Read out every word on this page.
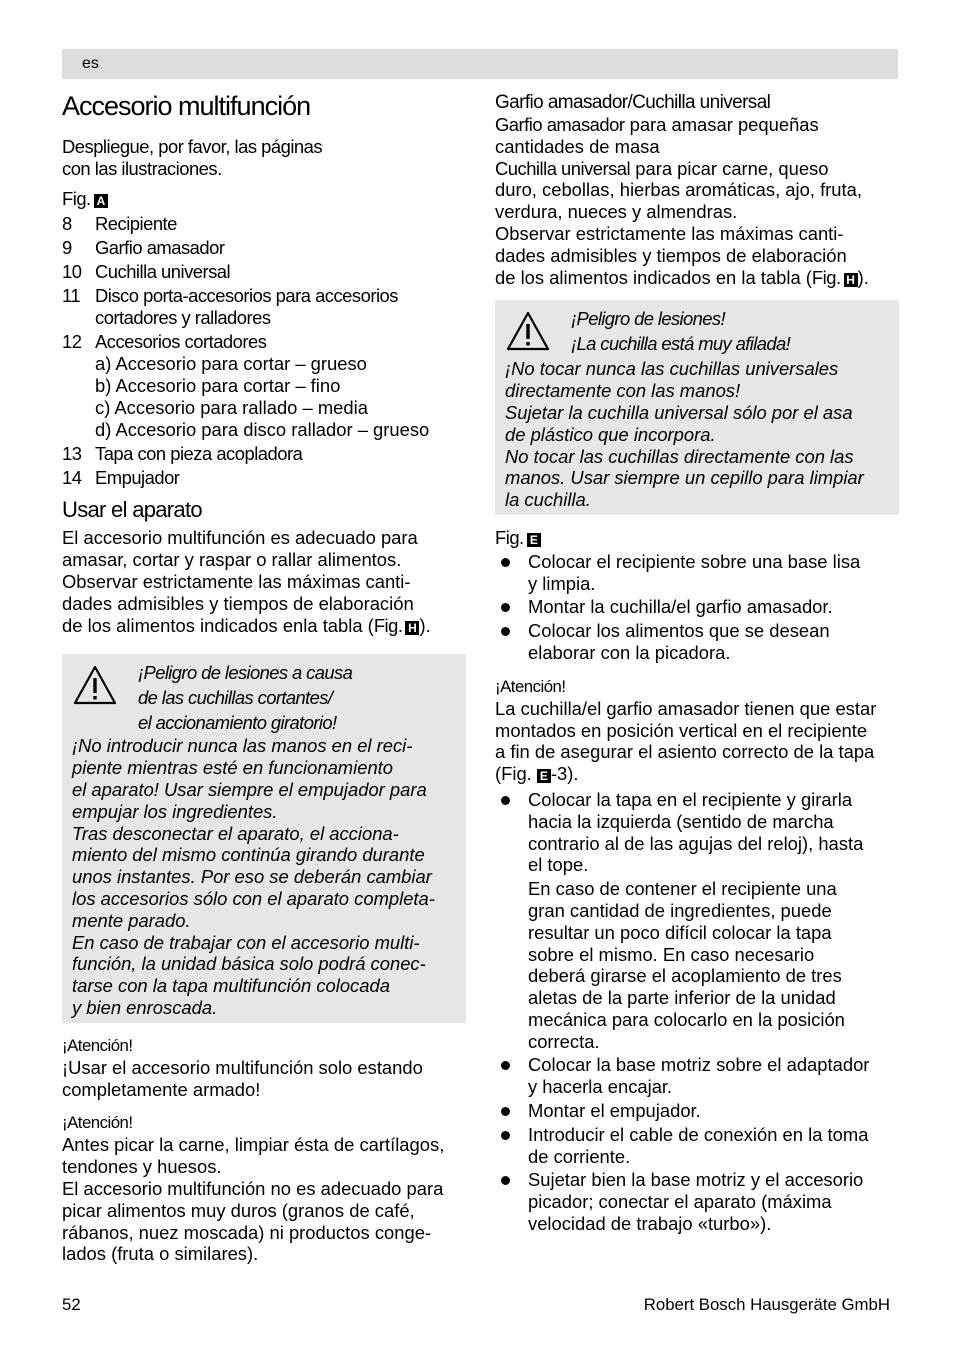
es
Accesorio multifunción

Despliegue, por favor, las páginas

con las ilustraciones.

Fig. A

8 Recipiente
9 Garfio amasador
10 Cuchilla universal
11 Disco porta-accesorios para accesorios cortadores y ralladores
12 Accesorios cortadores
a) Accesorio para cortar – grueso
b) Accesorio para cortar – fino
c) Accesorio para rallado – media
d) Accesorio para disco rallador – grueso
13 Tapa con pieza acopladora
14 Empujador
Usar el aparato

El accesorio multifunción es adecuado para

amasar, cortar y raspar o rallar alimentos.

Observar estrictamente las máximas canti-

dades admisibles y tiempos de elaboración

de los alimentos indicados enla tabla (Fig. H ).

¡Peligro de lesiones a causa
de las cuchillas cortantes/
el accionamiento giratorio!

¡No introducir nunca las manos en el reci-

piente mientras esté en funcionamiento

el aparato! Usar siempre el empujador para

empujar los ingredientes.

Tras desconectar el aparato, el acciona-

miento del mismo continúa girando durante

unos instantes. Por eso se deberán cambiar

los accesorios sólo con el aparato completa-

mente parado.

En caso de trabajar con el accesorio multi-

función, la unidad básica solo podrá conec-

tarse con la tapa multifunción colocada

y bien enroscada.

¡Atención!

¡Usar el accesorio multifunción solo estando

completamente armado!

¡Atención!

Antes picar la carne, limpiar ésta de cartílagos,

tendones y huesos.

El accesorio multifunción no es adecuado para

picar alimentos muy duros (granos de café,

rábanos, nuez moscada) ni productos conge-

lados (fruta o similares).

Garfio amasador/Cuchilla universal

Garfio amasador para amasar pequeñas

cantidades de masa

Cuchilla universal para picar carne, queso

duro, cebollas, hierbas aromáticas, ajo, fruta,

verdura, nueces y almendras.

Observar estrictamente las máximas canti-

dades admisibles y tiempos de elaboración

de los alimentos indicados en la tabla (Fig. H ).

¡Peligro de lesiones!
¡La cuchilla está muy afilada!

¡No tocar nunca las cuchillas universales

directamente con las manos!

Sujetar la cuchilla universal sólo por el asa

de plástico que incorpora.

No tocar las cuchillas directamente con las

manos. Usar siempre un cepillo para limpiar

la cuchilla.

Fig. E

Colocar el recipiente sobre una base lisa
y limpia.
Montar la cuchilla/el garfio amasador.
Colocar los alimentos que se desean
elaborar con la picadora.

¡Atención!

La cuchilla/el garfio amasador tienen que estar

montados en posición vertical en el recipiente

a fin de asegurar el asiento correcto de la tapa

(Fig. E -3).

Colocar la tapa en el recipiente y girarla
hacia la izquierda (sentido de marcha
contrario al de las agujas del reloj), hasta
el tope.
En caso de contener el recipiente una
gran cantidad de ingredientes, puede
resultar un poco difícil colocar la tapa
sobre el mismo. En caso necesario
deberá girarse el acoplamiento de tres
aletas de la parte inferior de la unidad
mecánica para colocarlo en la posición
correcta.
Colocar la base motriz sobre el adaptador
y hacerla encajar.
Montar el empujador.
Introducir el cable de conexión en la toma
de corriente.
Sujetar bien la base motriz y el accesorio
picador; conectar el aparato (máxima
velocidad de trabajo «turbo»).
52	Robert Bosch Hausgeräte GmbH
